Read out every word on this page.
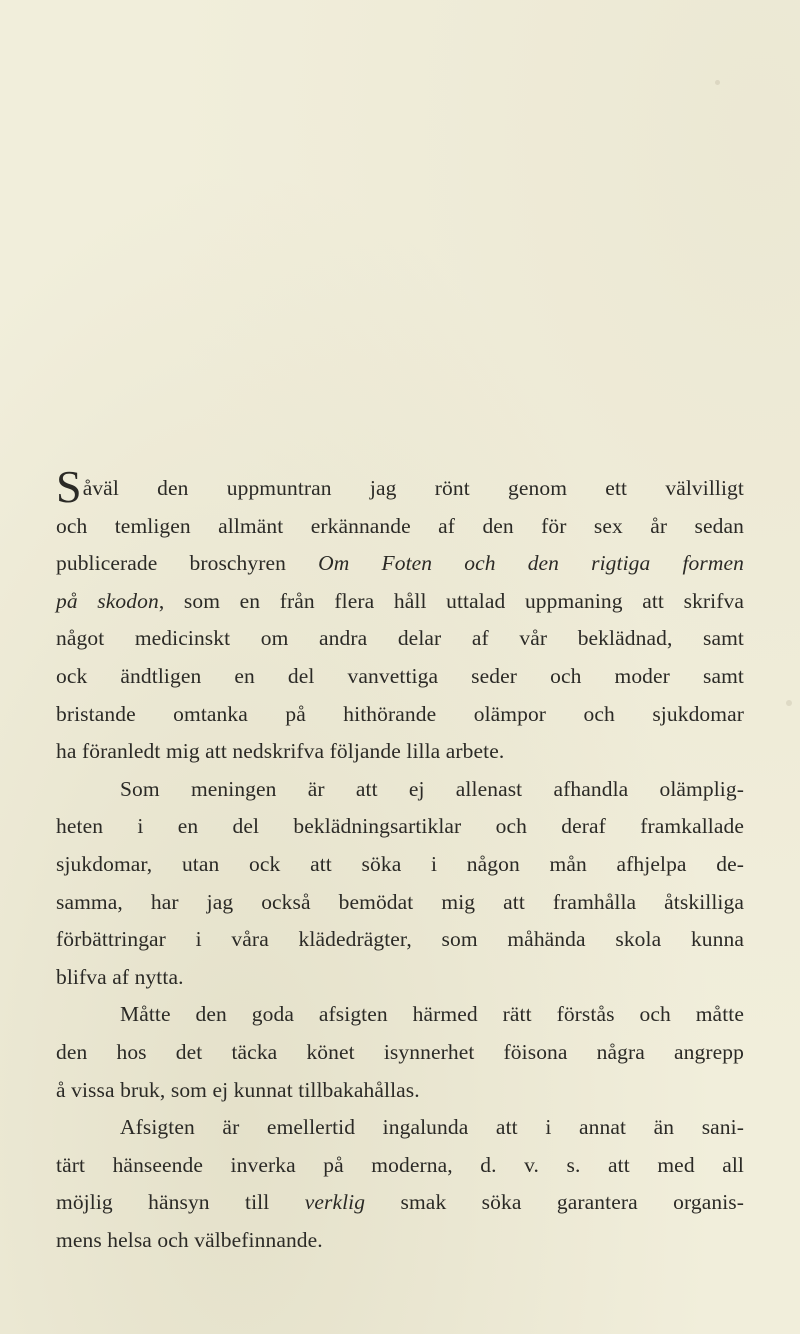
Såväl den uppmuntran jag rönt genom ett välvilligt
och temligen allmänt erkännande af den för sex år sedan
publicerade broschyren Om Foten och den rigtiga formen
på skodon, som en från flera håll uttalad uppmaning att skrifva
något medicinskt om andra delar af vår beklädnad, samt
ock ändtligen en del vanvettiga seder och moder samt
bristande omtanka på hithörande olämpor och sjukdomar
ha föranledt mig att nedskrifva följande lilla arbete.
Som meningen är att ej allenast afhandla olämplig-
heten i en del beklädningsartiklar och deraf framkallade
sjukdomar, utan ock att söka i någon mån afhjelpa de-
samma, har jag också bemödat mig att framhålla åtskilliga
förbättringar i våra klädedrägter, som måhända skola kunna
blifva af nytta.
Måtte den goda afsigten härmed rätt förstås och måtte
den hos det täcka könet isynnerhet föisona några angrepp
å vissa bruk, som ej kunnat tillbakahållas.
Afsigten är emellertid ingalunda att i annat än sani-
tärt hänseende inverka på moderna, d. v. s. att med all
möjlig hänsyn till verklig smak söka garantera organis-
mens helsa och välbefinnande.
